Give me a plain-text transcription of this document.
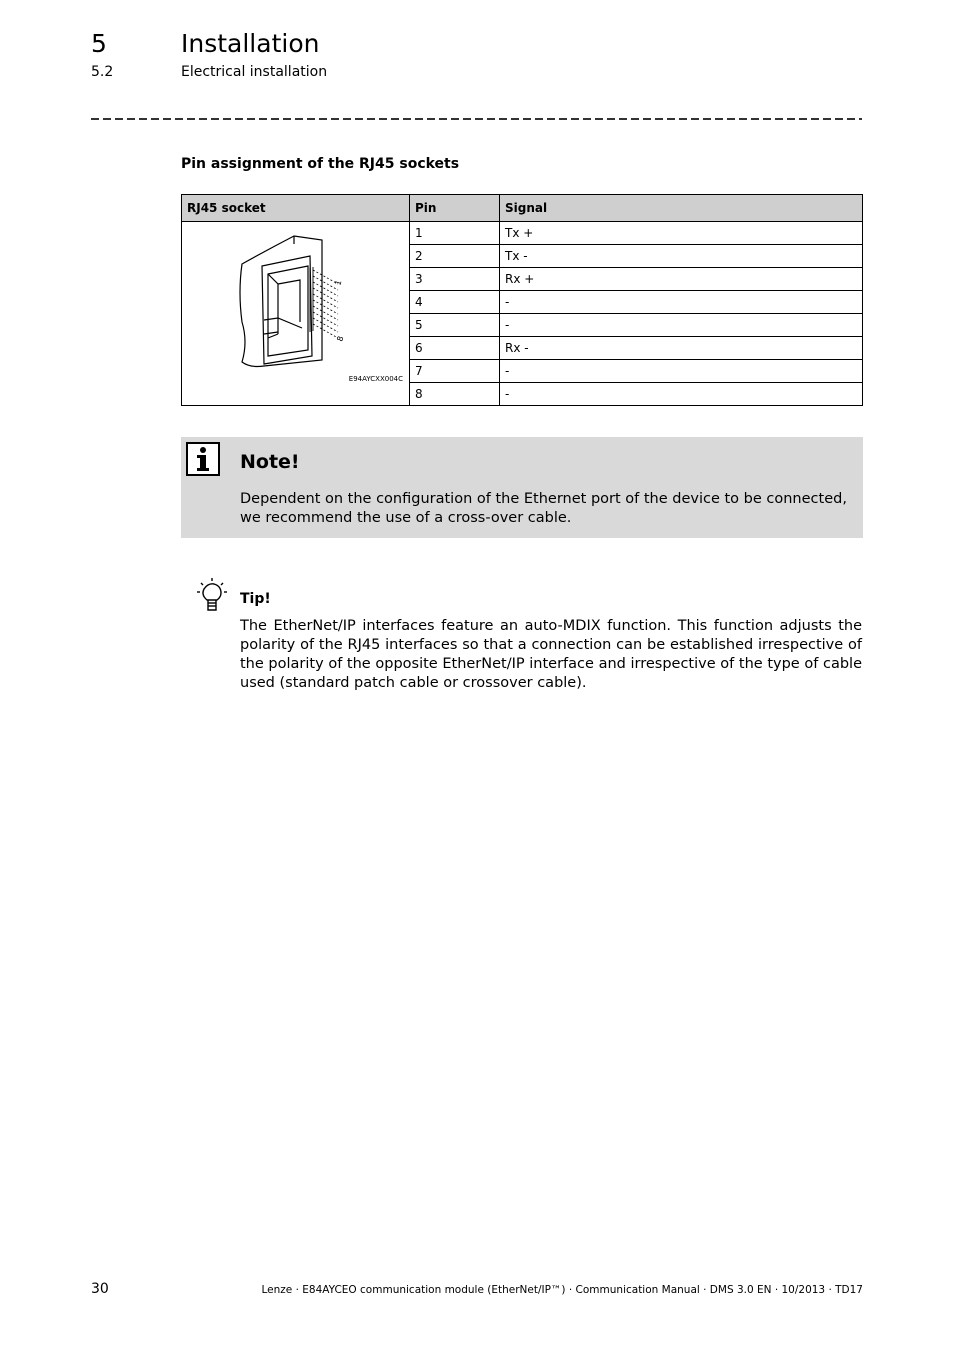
5	Installation
5.2	Electrical installation
Pin assignment of the RJ45 sockets
RJ45 socket	Pin	Signal

1
8
E94AYCXX004C	1	Tx +
	2	Tx -
	3	Rx +
	4	-
	5	-
	6	Rx -
	7	-
	8	-
Note!
Dependent on the configuration of the Ethernet port of the device to be connected, we recommend the use of a cross-over cable.
Tip!
The EtherNet/IP interfaces feature an auto-MDIX function. This function adjusts the polarity of the RJ45 interfaces so that a connection can be established irrespective of the polarity of the opposite EtherNet/IP interface and irrespective of the type of cable used (standard patch cable or crossover cable).
30	Lenze · E84AYCEO communication module (EtherNet/IP™) · Communication Manual · DMS 3.0 EN · 10/2013 · TD17
